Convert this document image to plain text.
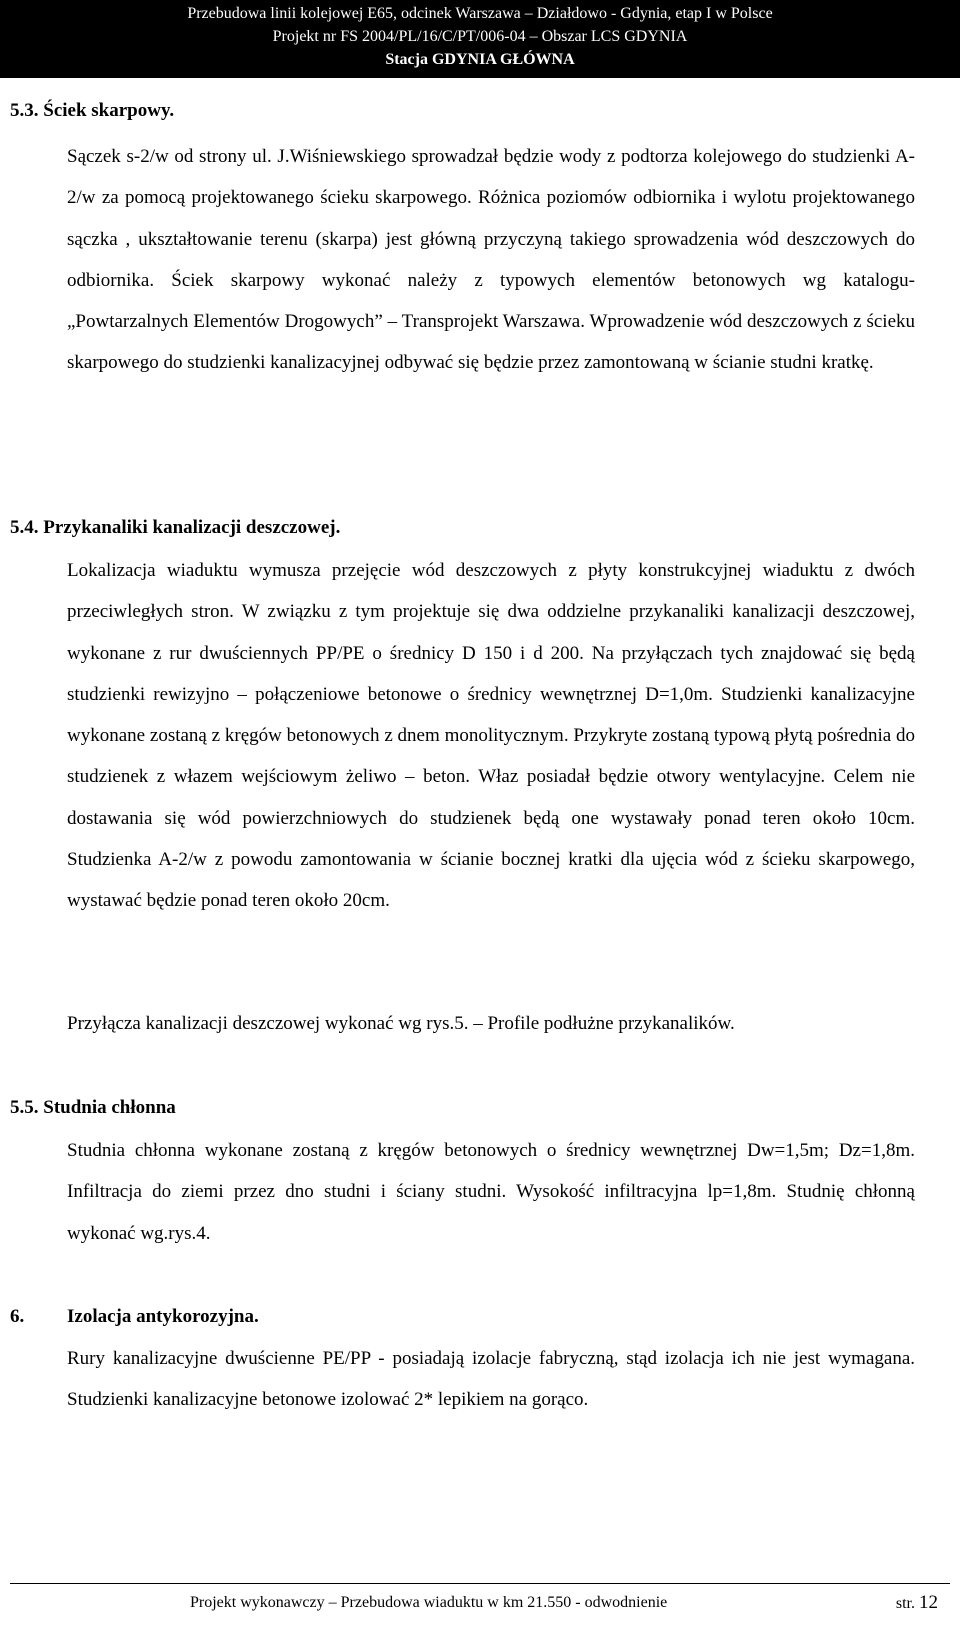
Przebudowa linii kolejowej E65, odcinek Warszawa – Działdowo - Gdynia, etap I w Polsce
Projekt nr FS 2004/PL/16/C/PT/006-04 – Obszar LCS GDYNIA
Stacja GDYNIA GŁÓWNA
5.3. Ściek skarpowy.
Sączek s-2/w od strony ul. J.Wiśniewskiego sprowadzał będzie wody z podtorza kolejowego do studzienki A-2/w za pomocą projektowanego ścieku skarpowego. Różnica poziomów odbiornika i wylotu projektowanego sączka , ukształtowanie terenu (skarpa) jest główną przyczyną takiego sprowadzenia wód deszczowych do odbiornika. Ściek skarpowy wykonać należy z typowych elementów betonowych wg katalogu- „Powtarzalnych Elementów Drogowych” – Transprojekt Warszawa. Wprowadzenie wód deszczowych z ścieku skarpowego do studzienki kanalizacyjnej odbywać się będzie przez zamontowaną w ścianie studni kratkę.
5.4. Przykanaliki kanalizacji deszczowej.
Lokalizacja wiaduktu wymusza przejęcie wód deszczowych z płyty konstrukcyjnej wiaduktu z dwóch przeciwległych stron. W związku z tym projektuje się dwa oddzielne przykanaliki kanalizacji deszczowej, wykonane z rur dwuściennych PP/PE o średnicy D 150 i d 200. Na przyłączach tych znajdować się będą studzienki rewizyjno – połączeniowe betonowe o średnicy wewnętrznej D=1,0m. Studzienki kanalizacyjne wykonane zostaną z kręgów betonowych z dnem monolitycznym. Przykryte zostaną typową płytą pośrednia do studzienek z włazem wejściowym żeliwo – beton. Właz posiadał będzie otwory wentylacyjne. Celem nie dostawania się wód powierzchniowych do studzienek będą one wystawały ponad teren około 10cm. Studzienka A-2/w z powodu zamontowania w ścianie bocznej kratki dla ujęcia wód z ścieku skarpowego, wystawać będzie ponad teren około 20cm.
Przyłącza kanalizacji deszczowej wykonać wg rys.5. – Profile podłużne przykanalików.
5.5. Studnia chłonna
Studnia chłonna wykonane zostaną z kręgów betonowych o średnicy wewnętrznej Dw=1,5m; Dz=1,8m. Infiltracja do ziemi przez dno studni i ściany studni. Wysokość infiltracyjna lp=1,8m. Studnię chłonną wykonać wg.rys.4.
6. Izolacja antykorozyjna.
Rury kanalizacyjne dwuścienne PE/PP - posiadają izolacje fabryczną, stąd izolacja ich nie jest wymagana. Studzienki kanalizacyjne betonowe izolować 2* lepikiem na gorąco.
Projekt wykonawczy – Przebudowa wiaduktu w km 21.550 - odwodnienie	str. 12
